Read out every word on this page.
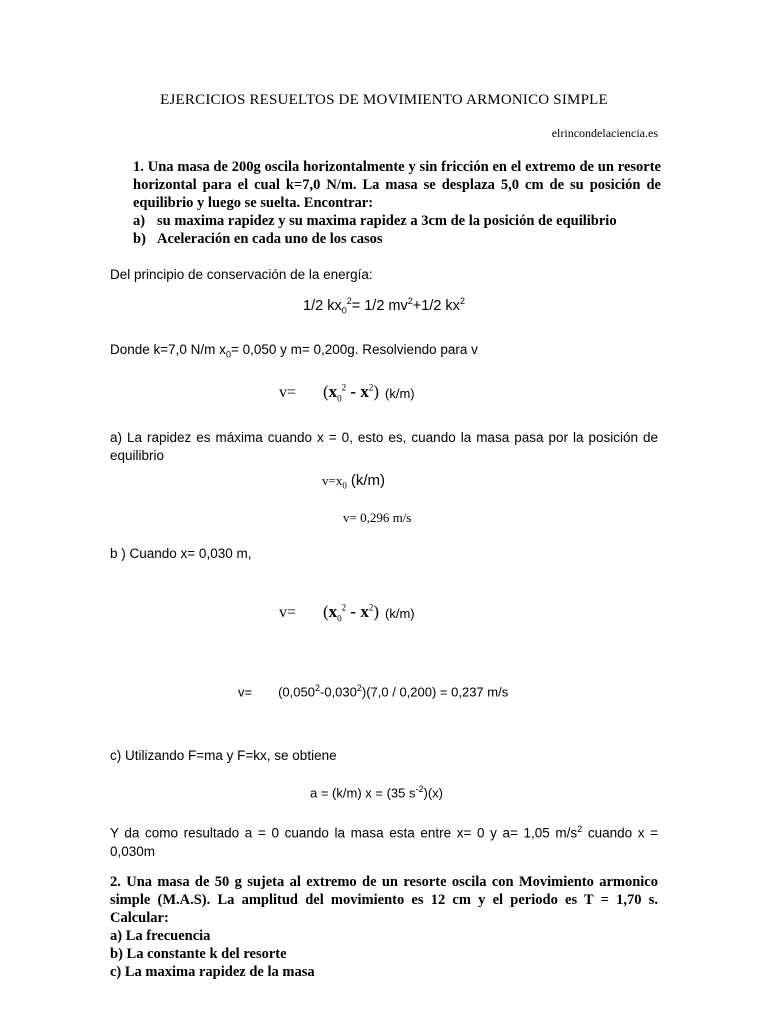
EJERCICIOS RESUELTOS DE MOVIMIENTO ARMONICO SIMPLE
elrincondelaciencia.es
1. Una masa de 200g oscila horizontalmente y sin fricción en el extremo de un resorte horizontal para el cual k=7,0 N/m. La masa se desplaza 5,0 cm de su posición de equilibrio y luego se suelta. Encontrar:
a) su maxima rapidez y su maxima rapidez a 3cm de la posición de equilibrio
b) Aceleración en cada uno de los casos
Del principio de conservación de la energía:
1/2 $kx_0^2= 1/2$ $mv^2+1/2$ $kx^2$
Donde k=7,0 N/m $x_0= 0,050$ y m= 0,200g. Resolviendo para v
$v= (x_0^2 - x^2)$ (k/m)
a) La rapidez es máxima cuando x = 0, esto es, cuando la masa pasa por la posición de equilibrio
$v=x_0$ (k/m)
v= 0,296 m/s
b ) Cuando x= 0,030 m,
$v= (x_0^2 - x^2)$ (k/m)
$v= (0,050^2-0,030^2)(7,0 / 0,200) = 0,237$ m/s
c) Utilizando F=ma y F=kx, se obtiene
a = (k/m) x = (35 $s^{-2})(x)$
Y da como resultado a = 0 cuando la masa esta entre x= 0 y a= 1,05 $m/s^2$ cuando x = 0,030m
2. Una masa de 50 g sujeta al extremo de un resorte oscila con Movimiento armonico simple (M.A.S). La amplitud del movimiento es 12 cm y el periodo es T = 1,70 s. Calcular:
a) La frecuencia
b) La constante k del resorte
c) La maxima rapidez de la masa
